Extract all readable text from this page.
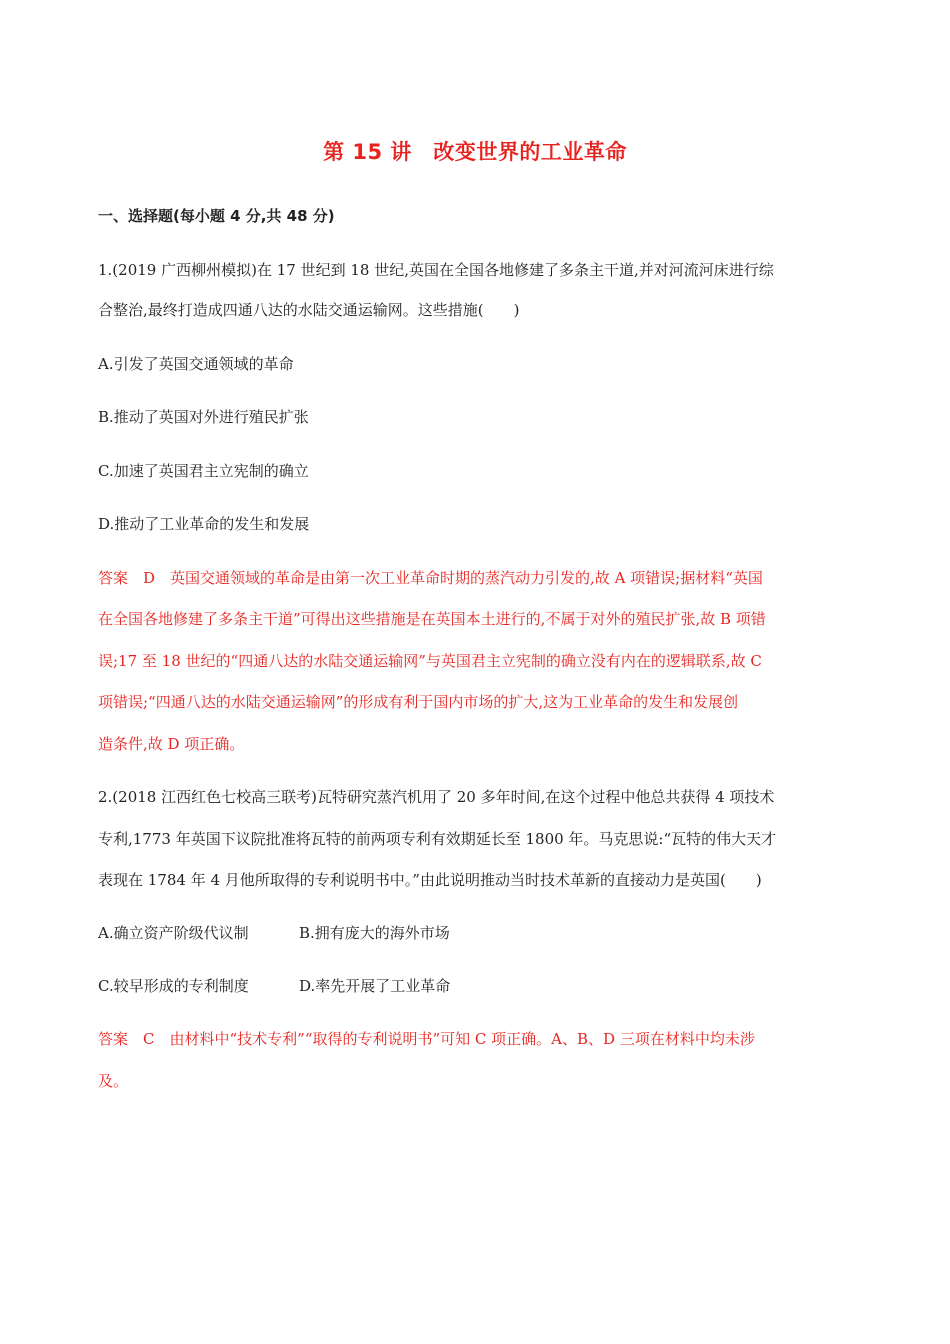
第 15 讲　改变世界的工业革命
一、选择题(每小题 4 分,共 48 分)
1.(2019 广西柳州模拟)在 17 世纪到 18 世纪,英国在全国各地修建了多条主干道,并对河流河床进行综
合整治,最终打造成四通八达的水陆交通运输网。这些措施(　　)
A.引发了英国交通领域的革命
B.推动了英国对外进行殖民扩张
C.加速了英国君主立宪制的确立
D.推动了工业革命的发生和发展
答案　D　英国交通领域的革命是由第一次工业革命时期的蒸汽动力引发的,故 A 项错误;据材料“英国
在全国各地修建了多条主干道”可得出这些措施是在英国本土进行的,不属于对外的殖民扩张,故 B 项错
误;17 至 18 世纪的“四通八达的水陆交通运输网”与英国君主立宪制的确立没有内在的逻辑联系,故 C
项错误;“四通八达的水陆交通运输网”的形成有利于国内市场的扩大,这为工业革命的发生和发展创
造条件,故 D 项正确。
2.(2018 江西红色七校高三联考)瓦特研究蒸汽机用了 20 多年时间,在这个过程中他总共获得 4 项技术
专利,1773 年英国下议院批准将瓦特的前两项专利有效期延长至 1800 年。马克思说:“瓦特的伟大天才
表现在 1784 年 4 月他所取得的专利说明书中。”由此说明推动当时技术革新的直接动力是英国(　　)
A.确立资产阶级代议制	B.拥有庞大的海外市场
C.较早形成的专利制度	D.率先开展了工业革命
答案　C　由材料中“技术专利”“取得的专利说明书”可知 C 项正确。A、B、D 三项在材料中均未涉
及。
